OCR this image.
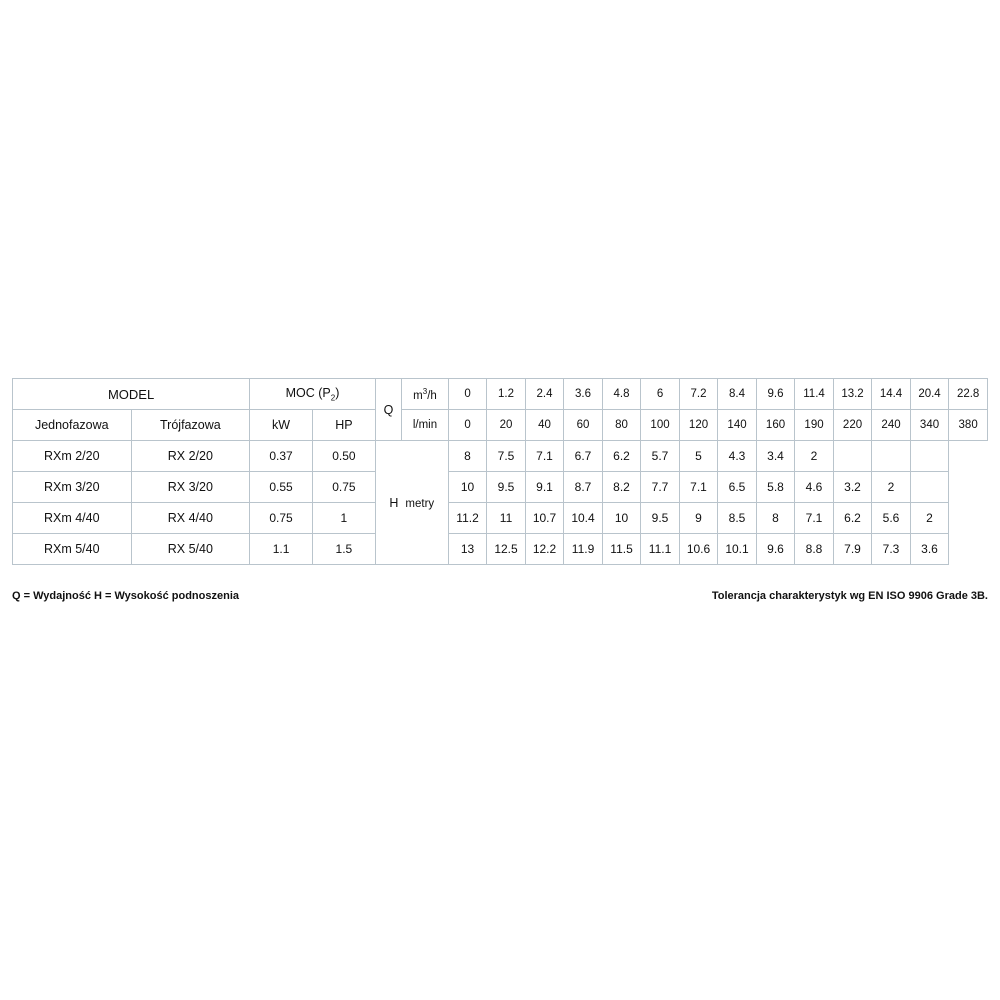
MODEL		MOC $(P_2)$		Q	$m^3/h$	0	1.2	2.4	3.6	4.8	6	7.2	8.4	9.6	11.4	13.2	14.4	20.4	22.8
Jednofazowa	Trójfazowa	kW	HP		l/min	0	20	40	60	80	100	120	140	160	190	220	240	340	380
RXm 2/20	RX 2/20	0.37	0.50	H  metry		8	7.5	7.1	6.7	6.2	5.7	5	4.3	3.4	2				
RXm 3/20	RX 3/20	0.55	0.75			10	9.5	9.1	8.7	8.2	7.7	7.1	6.5	5.8	4.6	3.2	2		
RXm 4/40	RX 4/40	0.75	1			11.2	11	10.7	10.4	10	9.5	9	8.5	8	7.1	6.2	5.6	2	
RXm 5/40	RX 5/40	1.1	1.5			13	12.5	12.2	11.9	11.5	11.1	10.6	10.1	9.6	8.8	7.9	7.3	3.6	
Q = Wydajność H = Wysokość podnoszenia	Tolerancja charakterystyk wg EN ISO 9906 Grade 3B.
